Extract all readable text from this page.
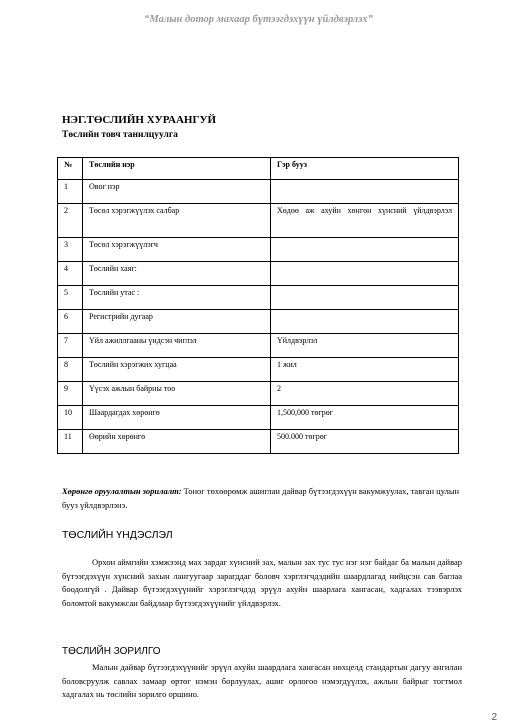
“Малын дотор махаар бүтээгдэхүүн үйлдвэрлэх”
НЭГ.ТӨСЛИЙН ХУРААНГУЙ
Төслийн товч танилцуулга
№	Төслийн нэр	Гэр бууз
1	Овог нэр	
2	Төсөл хэрэгжүүлэх салбар	Хөдөө аж ахуйн хөнгөн хүнсний үйлдвэрлэл
3	Төсөл хэрэгжүүлэгч	
4	Төслийн хаяг:	
5	Төслийн утас :	
6	Регистрийн дугаар	
7	Үйл ажиллгааны үндсэн чиглэл	Үйлдвэрлэл
8	Төслийн хэрэгжих хугцаа	1 жил
9	Үүсэх ажлын байрны тоо	2
10	Шаардагдах хөрөнгө	1,500,000 төгрөг
11	Өөрийн хөрөнгө	500.000 төгрөг
Хөрөнгө оруулалтын зорилалт: Тоног төхөөрөмж ашиглан дайвар бүтээгдэхүүн вакумжуулах, тавган цулын бууз үйлдвэрлэнэ.
ТӨСЛИЙН ҮНДЭСЛЭЛ
Орхон аймгийн хэмжээнд мах зардаг хүнсний зах, малын зах тус тус нэг нэг байдаг ба малын дайвар бүтээгдэхүүн хүнсний захын лангуугаар зарагддаг боловч хэрглэгчдэдийн шаардлагад нийцсэн сав баглаа боодолгүй . Дайвар бүтээгдэхүүнийг хэрэглэгчдэд эрүүл ахуйн шаарлага хангасан, хадгалах тээвэрлэх боломтой вакумжсан байдлаар бүтээгдэхүүнийг үйлдвэрлэх.
ТӨСЛИЙН ЗОРИЛГО
Малын дайвар бүтээгдэхүүнийг эрүүл ахуйн шаардлага хангасан нөхцелд стандартын дагуу ангилан боловсруулж савлах замаар өртөг нэмэн борлуулах, ашиг орлогоо нэмэгдүүлэх, ажлын байрыг тогтмол хадгалах нь төслийн зорилго оршино.
2
